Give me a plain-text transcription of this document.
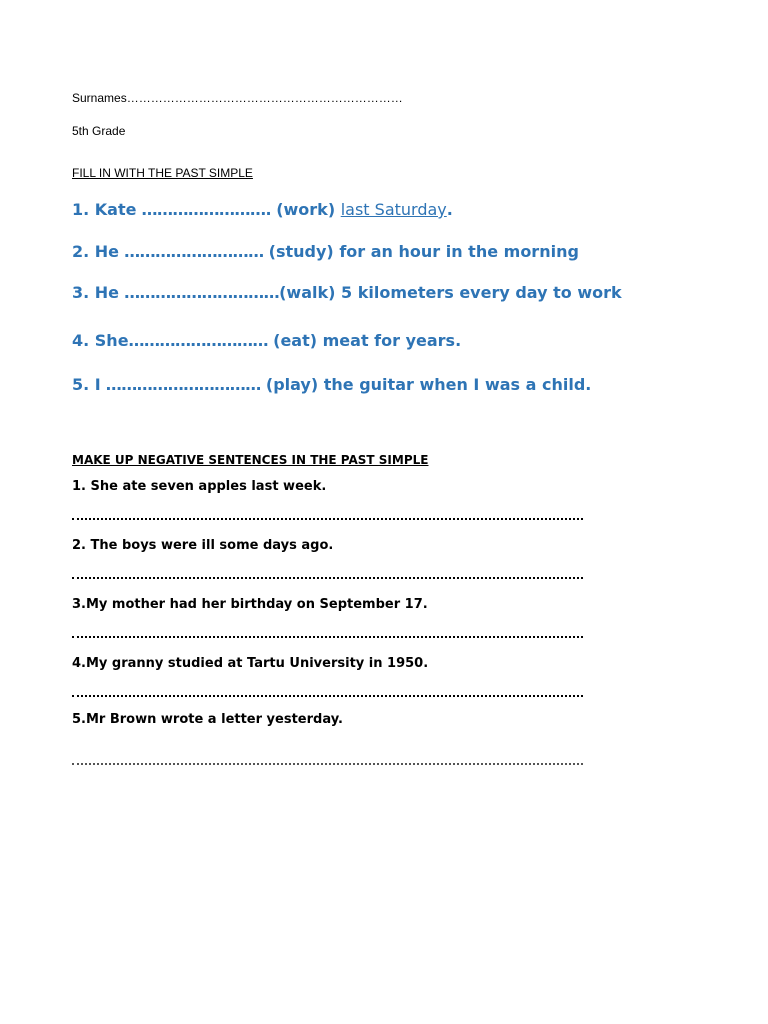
Surnames……………………………………………………………
5th Grade
FILL IN WITH THE PAST SIMPLE
1. Kate ……………………. (work) last Saturday.
2. He ……………………… (study) for an hour in the morning
3. He …………………………(walk) 5 kilometers every day to work
4. She……………………… (eat) meat for years.
5. I ………………………… (play) the guitar when I was a child.
MAKE UP NEGATIVE SENTENCES IN THE PAST SIMPLE
1. She ate seven apples last week.
2. The boys were ill some days ago.
3.My mother had her birthday on September 17.
4.My granny studied at Tartu University in 1950.
5.Mr Brown wrote a letter yesterday.
